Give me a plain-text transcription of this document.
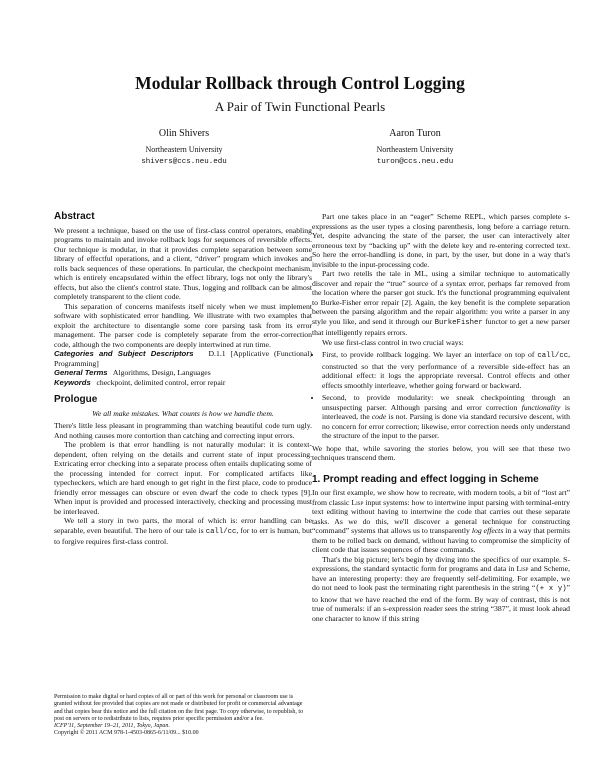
Modular Rollback through Control Logging
A Pair of Twin Functional Pearls
Olin Shivers
Northeastern University
shivers@ccs.neu.edu
Aaron Turon
Northeastern University
turon@ccs.neu.edu
Abstract

We present a technique, based on the use of first-class control operators, enabling programs to maintain and invoke rollback logs for sequences of reversible effects. Our technique is modular, in that it provides complete separation between some library of effectful operations, and a client, “driver” program which invokes and rolls back sequences of these operations. In particular, the checkpoint mechanism, which is entirely encapsulated within the effect library, logs not only the library's effects, but also the client's control state. Thus, logging and rollback can be almost completely transparent to the client code.

This separation of concerns manifests itself nicely when we must implement software with sophisticated error handling. We illustrate with two examples that exploit the architecture to disentangle some core parsing task from its error management. The parser code is completely separate from the error-correction code, although the two components are deeply intertwined at run time.

Categories and Subject Descriptors D.1.1 [Applicative (Functional) Programming]

General Terms Algorithms, Design, Languages

Keywords checkpoint, delimited control, error repair

Prologue
We all make mistakes. What counts is how we handle them.

There's little less pleasant in programming than watching beautiful code turn ugly. And nothing causes more contortion than catching and correcting input errors.

The problem is that error handling is not naturally modular: it is context-dependent, often relying on the details and current state of input processing. Extricating error checking into a separate process often entails duplicating some of the processing intended for correct input. For complicated artifacts like typecheckers, which are hard enough to get right in the first place, code to produce friendly error messages can obscure or even dwarf the code to check types [9]. When input is provided and processed interactively, checking and processing must be interleaved.

We tell a story in two parts, the moral of which is: error handling can be separable, even beautiful. The hero of our tale is call/cc, for to err is human, but to forgive requires first-class control.

Permission to make digital or hard copies of all or part of this work for personal or classroom use is granted without fee provided that copies are not made or distributed for profit or commercial advantage and that copies bear this notice and the full citation on the first page. To copy otherwise, to republish, to post on servers or to redistribute to lists, requires prior specific permission and/or a fee.

ICFP'11, September 19–21, 2011, Tokyo, Japan.

Copyright © 2011 ACM 978-1-4503-0865-6/11/09... $10.00

Part one takes place in an “eager” Scheme REPL, which parses complete s-expressions as the user types a closing parenthesis, long before a carriage return. Yet, despite advancing the state of the parser, the user can interactively alter erroneous text by “backing up” with the delete key and re-entering corrected text. So here the error-handling is done, in part, by the user, but done in a way that's invisible to the input-processing code.

Part two retells the tale in ML, using a similar technique to automatically discover and repair the “true” source of a syntax error, perhaps far removed from the location where the parser got stuck. It's the functional programming equivalent to Burke-Fisher error repair [2]. Again, the key benefit is the complete separation between the parsing algorithm and the repair algorithm: you write a parser in any style you like, and send it through our BurkeFisher functor to get a new parser that intelligently repairs errors.

We use first-class control in two crucial ways:

• First, to provide rollback logging. We layer an interface on top of call/cc, constructed so that the very performance of a reversible side-effect has an additional effect: it logs the appropriate reversal. Control effects and other effects smoothly interleave, whether going forward or backward.
• Second, to provide modularity: we sneak checkpointing through an unsuspecting parser. Although parsing and error correction functionality is interleaved, the code is not. Parsing is done via standard recursive descent, with no concern for error correction; likewise, error correction needs only understand the structure of the input to the parser.

We hope that, while savoring the stories below, you will see that these two techniques transcend them.

1. Prompt reading and effect logging in Scheme

In our first example, we show how to recreate, with modern tools, a bit of “lost art” from classic Lisp input systems: how to intertwine input parsing with terminal-entry text editing without having to intertwine the code that carries out these separate tasks. As we do this, we'll discover a general technique for constructing “command” systems that allows us to transparently log effects in a way that permits them to be rolled back on demand, without having to compromise the simplicity of client code that issues sequences of these commands.

That's the big picture; let's begin by diving into the specifics of our example. S-expressions, the standard syntactic form for programs and data in Lisp and Scheme, have an interesting property: they are frequently self-delimiting. For example, we do not need to look past the terminating right parenthesis in the string “(+ x y)” to know that we have reached the end of the form. By way of contrast, this is not true of numerals: if an s-expression reader sees the string “387”, it must look ahead one character to know if this string
